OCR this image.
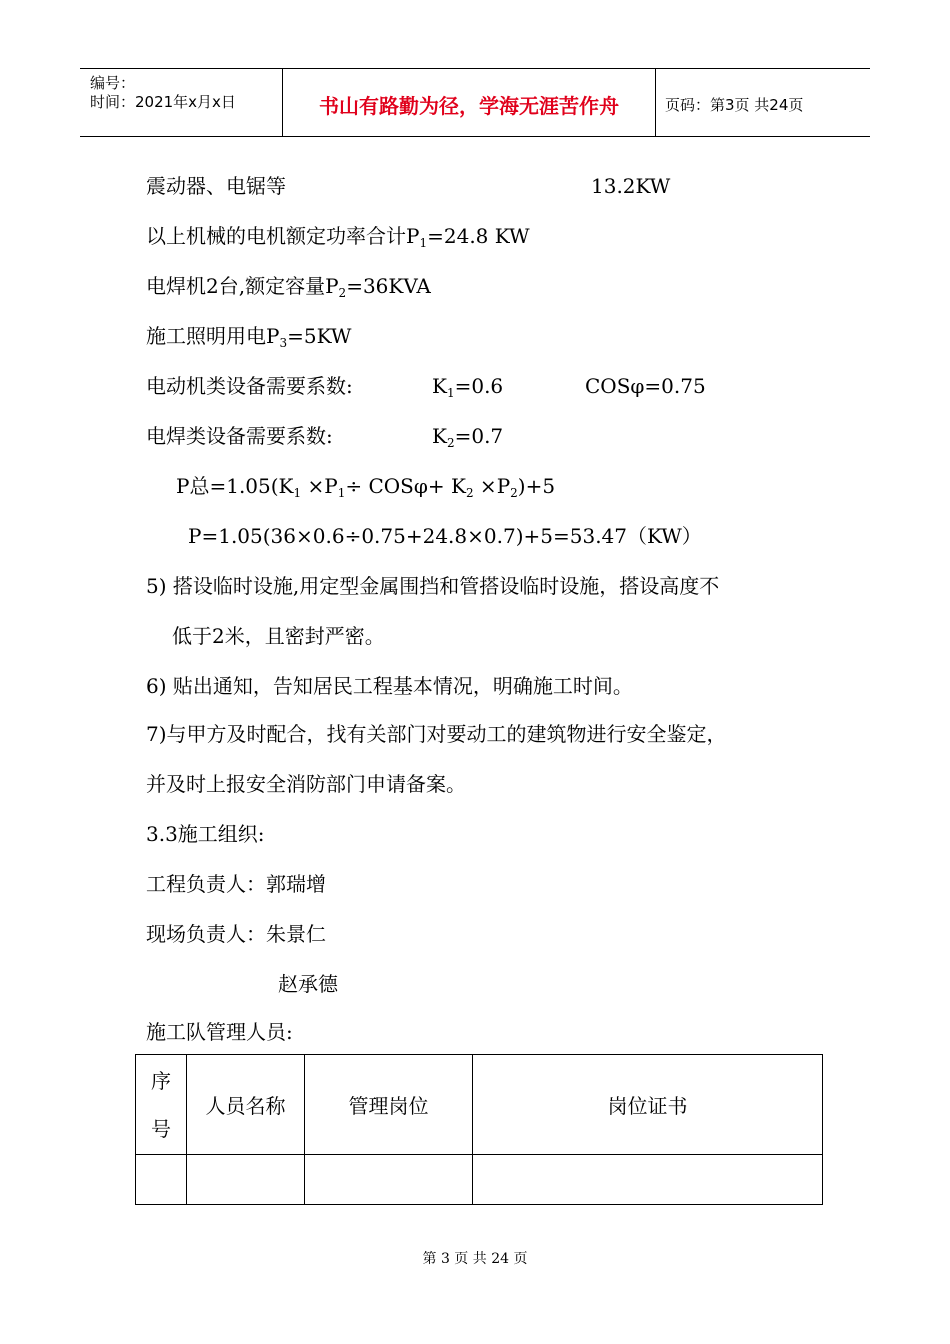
编号：
时间：2021年x月x日	书山有路勤为径，学海无涯苦作舟	页码：第3页 共24页
震动器、电锯等	13.2KW
以上机械的电机额定功率合计$P_1=24.8$ KW
电焊机2台,额定容量$P_2=36KVA$
施工照明用电$P_3=5KW$
电动机类设备需要系数:	$K_1=0.6$	COSφ=0.75
电焊类设备需要系数:	$K_2=0.7$
P总$=1.05(K_1 \times P_1\div COS\varphi+ K_2 \times P_2)+5$
P=1.05(36×0.6÷0.75+24.8×0.7)+5=53.47（KW）
5) 搭设临时设施,用定型金属围挡和管搭设临时设施，搭设高度不
低于2米，且密封严密。
6) 贴出通知，告知居民工程基本情况，明确施工时间。
7)与甲方及时配合，找有关部门对要动工的建筑物进行安全鉴定，
并及时上报安全消防部门申请备案。
3.3施工组织:
工程负责人：郭瑞增
现场负责人：朱景仁
赵承德
施工队管理人员:
序
号	人员名称	管理岗位	岗位证书

第 3 页 共 24 页
